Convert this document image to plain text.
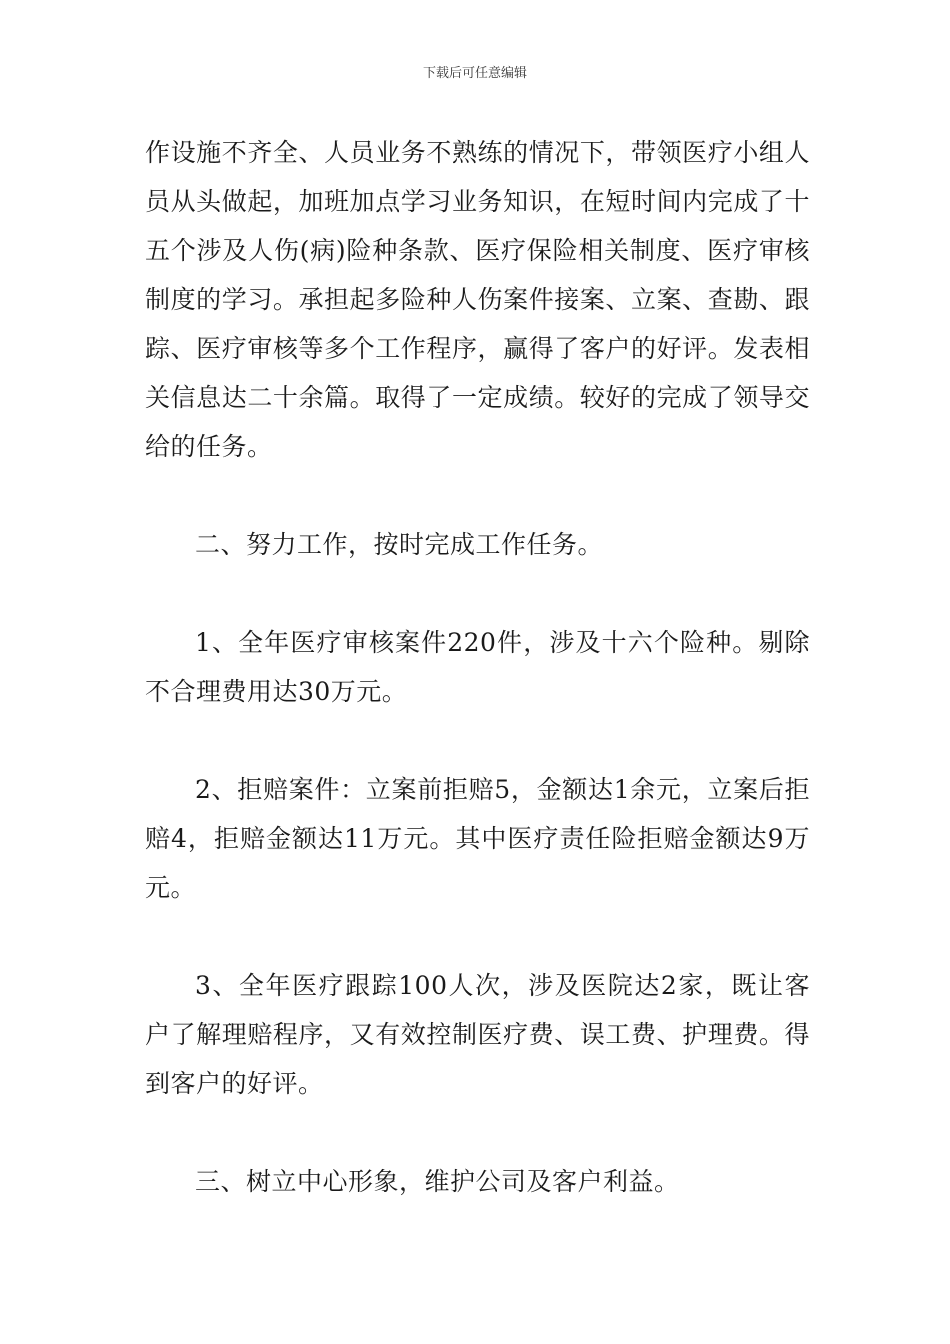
下载后可任意编辑

作设施不齐全、人员业务不熟练的情况下，带领医疗小组人员从头做起，加班加点学习业务知识，在短时间内完成了十五个涉及人伤(病)险种条款、医疗保险相关制度、医疗审核制度的学习。承担起多险种人伤案件接案、立案、查勘、跟踪、医疗审核等多个工作程序，赢得了客户的好评。发表相关信息达二十余篇。取得了一定成绩。较好的完成了领导交给的任务。

二、努力工作，按时完成工作任务。

1、全年医疗审核案件220件，涉及十六个险种。剔除不合理费用达30万元。

2、拒赔案件：立案前拒赔5，金额达1余元，立案后拒赔4，拒赔金额达11万元。其中医疗责任险拒赔金额达9万元。

3、全年医疗跟踪100人次，涉及医院达2家，既让客户了解理赔程序，又有效控制医疗费、误工费、护理费。得到客户的好评。

三、树立中心形象，维护公司及客户利益。
